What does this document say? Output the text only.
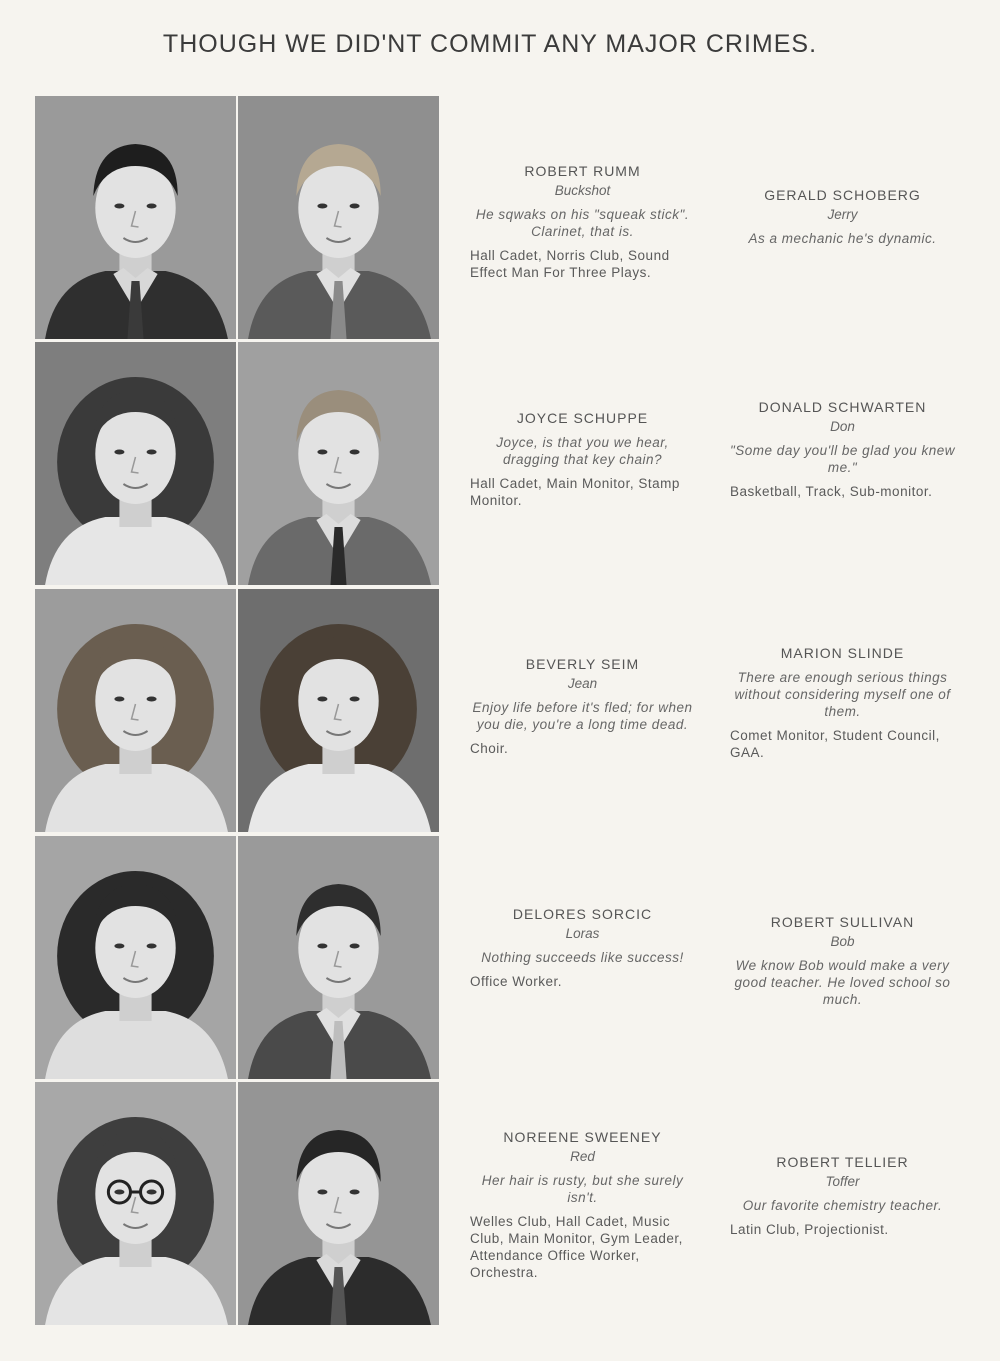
THOUGH WE DID'NT COMMIT ANY MAJOR CRIMES.
ROBERT RUMM
Buckshot
He sqwaks on his "squeak stick". Clarinet, that is.
Hall Cadet, Norris Club, Sound Effect Man For Three Plays.
GERALD SCHOBERG
Jerry
As a mechanic he's dynamic.
JOYCE SCHUPPE
Joyce, is that you we hear, dragging that key chain?
Hall Cadet, Main Monitor, Stamp Monitor.
DONALD SCHWARTEN
Don
"Some day you'll be glad you knew me."
Basketball, Track, Sub-monitor.
BEVERLY SEIM
Jean
Enjoy life before it's fled; for when you die, you're a long time dead.
Choir.
MARION SLINDE
There are enough serious things without considering myself one of them.
Comet Monitor, Student Council, GAA.
DELORES SORCIC
Loras
Nothing succeeds like success!
Office Worker.
ROBERT SULLIVAN
Bob
We know Bob would make a very good teacher. He loved school so much.
NOREENE SWEENEY
Red
Her hair is rusty, but she surely isn't.
Welles Club, Hall Cadet, Music Club, Main Monitor, Gym Leader, Attendance Office Worker, Orchestra.
ROBERT TELLIER
Toffer
Our favorite chemistry teacher.
Latin Club, Projectionist.
